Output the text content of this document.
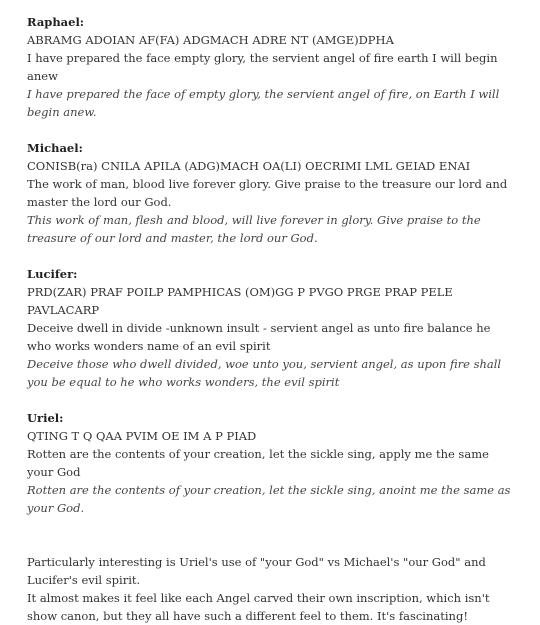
Raphael:

ABRAMG ADOIAN AF(FA) ADGMACH ADRE NT (AMGE)DPHA

I have prepared the face empty glory, the servient angel of fire earth I will begin anew

I have prepared the face of empty glory, the servient angel of fire, on Earth I will begin anew.

Michael:

CONISB(ra) CNILA APILA (ADG)MACH OA(LI) OECRIMI LML GEIAD ENAI

The work of man, blood live forever glory. Give praise to the treasure our lord and master the lord our God.

This work of man, flesh and blood, will live forever in glory. Give praise to the treasure of our lord and master, the lord our God.

Lucifer:

PRD(ZAR) PRAF POILP PAMPHICAS (OM)GG P PVGO PRGE PRAP PELE PAVLACARP

Deceive dwell in divide -unknown insult - servient angel as unto fire balance he who works wonders name of an evil spirit

Deceive those who dwell divided, woe unto you, servient angel, as upon fire shall you be equal to he who works wonders, the evil spirit

Uriel:

QTING T Q QAA PVIM OE IM A P PIAD

Rotten are the contents of your creation, let the sickle sing, apply me the same your God

Rotten are the contents of your creation, let the sickle sing, anoint me the same as your God.

Particularly interesting is Uriel's use of "your God" vs Michael's "our God" and Lucifer's evil spirit.

It almost makes it feel like each Angel carved their own inscription, which isn't show canon, but they all have such a different feel to them. It's fascinating!
